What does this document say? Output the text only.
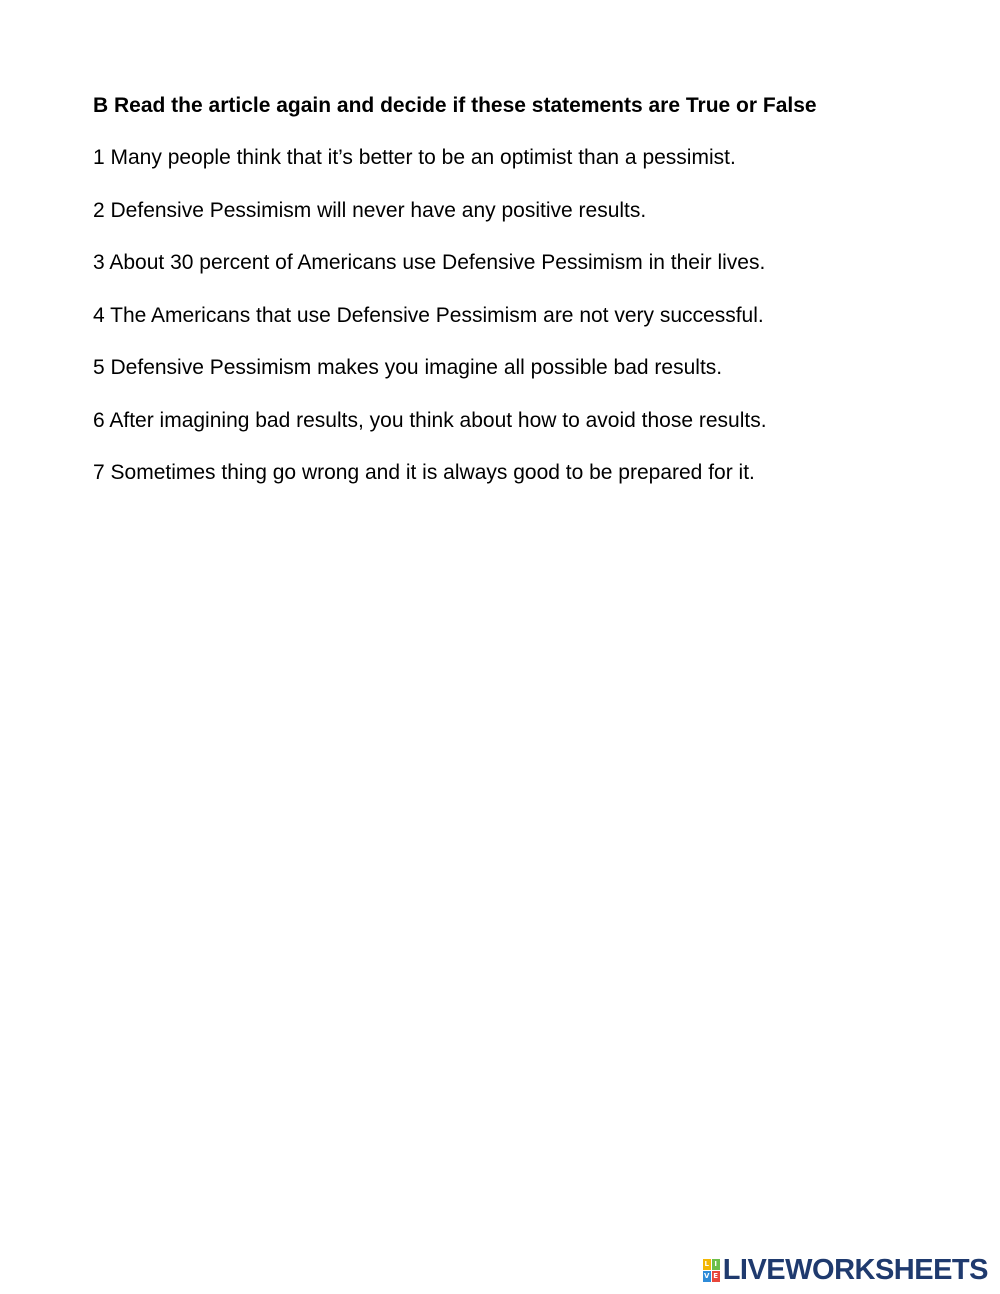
B Read the article again and decide if these statements are True or False
1 Many people think that it’s better to be an optimist than a pessimist.
2 Defensive Pessimism will never have any positive results.
3 About 30 percent of Americans use Defensive Pessimism in their lives.
4 The Americans that use Defensive Pessimism are not very successful.
5 Defensive Pessimism makes you imagine all possible bad results.
6 After imagining bad results, you think about how to avoid those results.
7 Sometimes thing go wrong and it is always good to be prepared for it.
L I
V E LIVEWORKSHEETS
